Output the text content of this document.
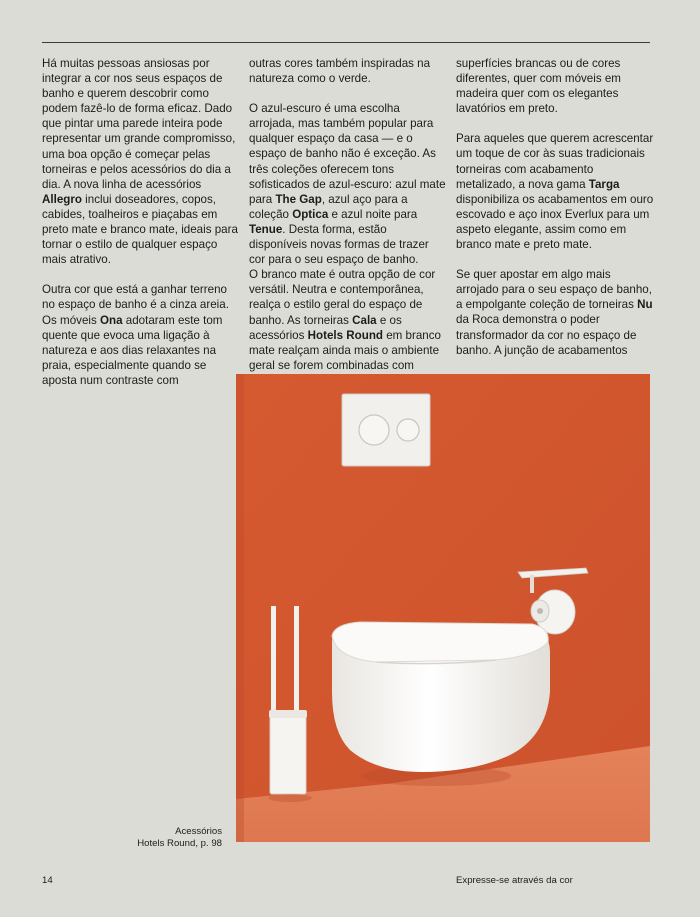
Há muitas pessoas ansiosas por integrar a cor nos seus espaços de banho e querem descobrir como podem fazê-lo de forma eficaz. Dado que pintar uma parede inteira pode representar um grande compromisso, uma boa opção é começar pelas torneiras e pelos acessórios do dia a dia. A nova linha de acessórios Allegro inclui doseadores, copos, cabides, toalheiros e piaçabas em preto mate e branco mate, ideais para tornar o estilo de qualquer espaço mais atrativo.

Outra cor que está a ganhar terreno no espaço de banho é a cinza areia. Os móveis Ona adotaram este tom quente que evoca uma ligação à natureza e aos dias relaxantes na praia, especialmente quando se aposta num contraste com

outras cores também inspiradas na natureza como o verde.

O azul-escuro é uma escolha arrojada, mas também popular para qualquer espaço da casa — e o espaço de banho não é exceção. As três coleções oferecem tons sofisticados de azul-escuro: azul mate para The Gap, azul aço para a coleção Optica e azul noite para Tenue. Desta forma, estão disponíveis novas formas de trazer cor para o seu espaço de banho.

O branco mate é outra opção de cor versátil. Neutra e contemporânea, realça o estilo geral do espaço de banho. As torneiras Cala e os acessórios Hotels Round em branco mate realçam ainda mais o ambiente geral se forem combinadas com

superfícies brancas ou de cores diferentes, quer com móveis em madeira quer com os elegantes lavatórios em preto.

Para aqueles que querem acrescentar um toque de cor às suas tradicionais torneiras com acabamento metalizado, a nova gama Targa disponibiliza os acabamentos em ouro escovado e aço inox Everlux para um aspeto elegante, assim como em branco mate e preto mate.

Se quer apostar em algo mais arrojado para o seu espaço de banho, a empolgante coleção de torneiras Nu da Roca demonstra o poder transformador da cor no espaço de banho. A junção de acabamentos

Acessórios
Hotels Round, p. 98
14	Expresse-se através da cor
